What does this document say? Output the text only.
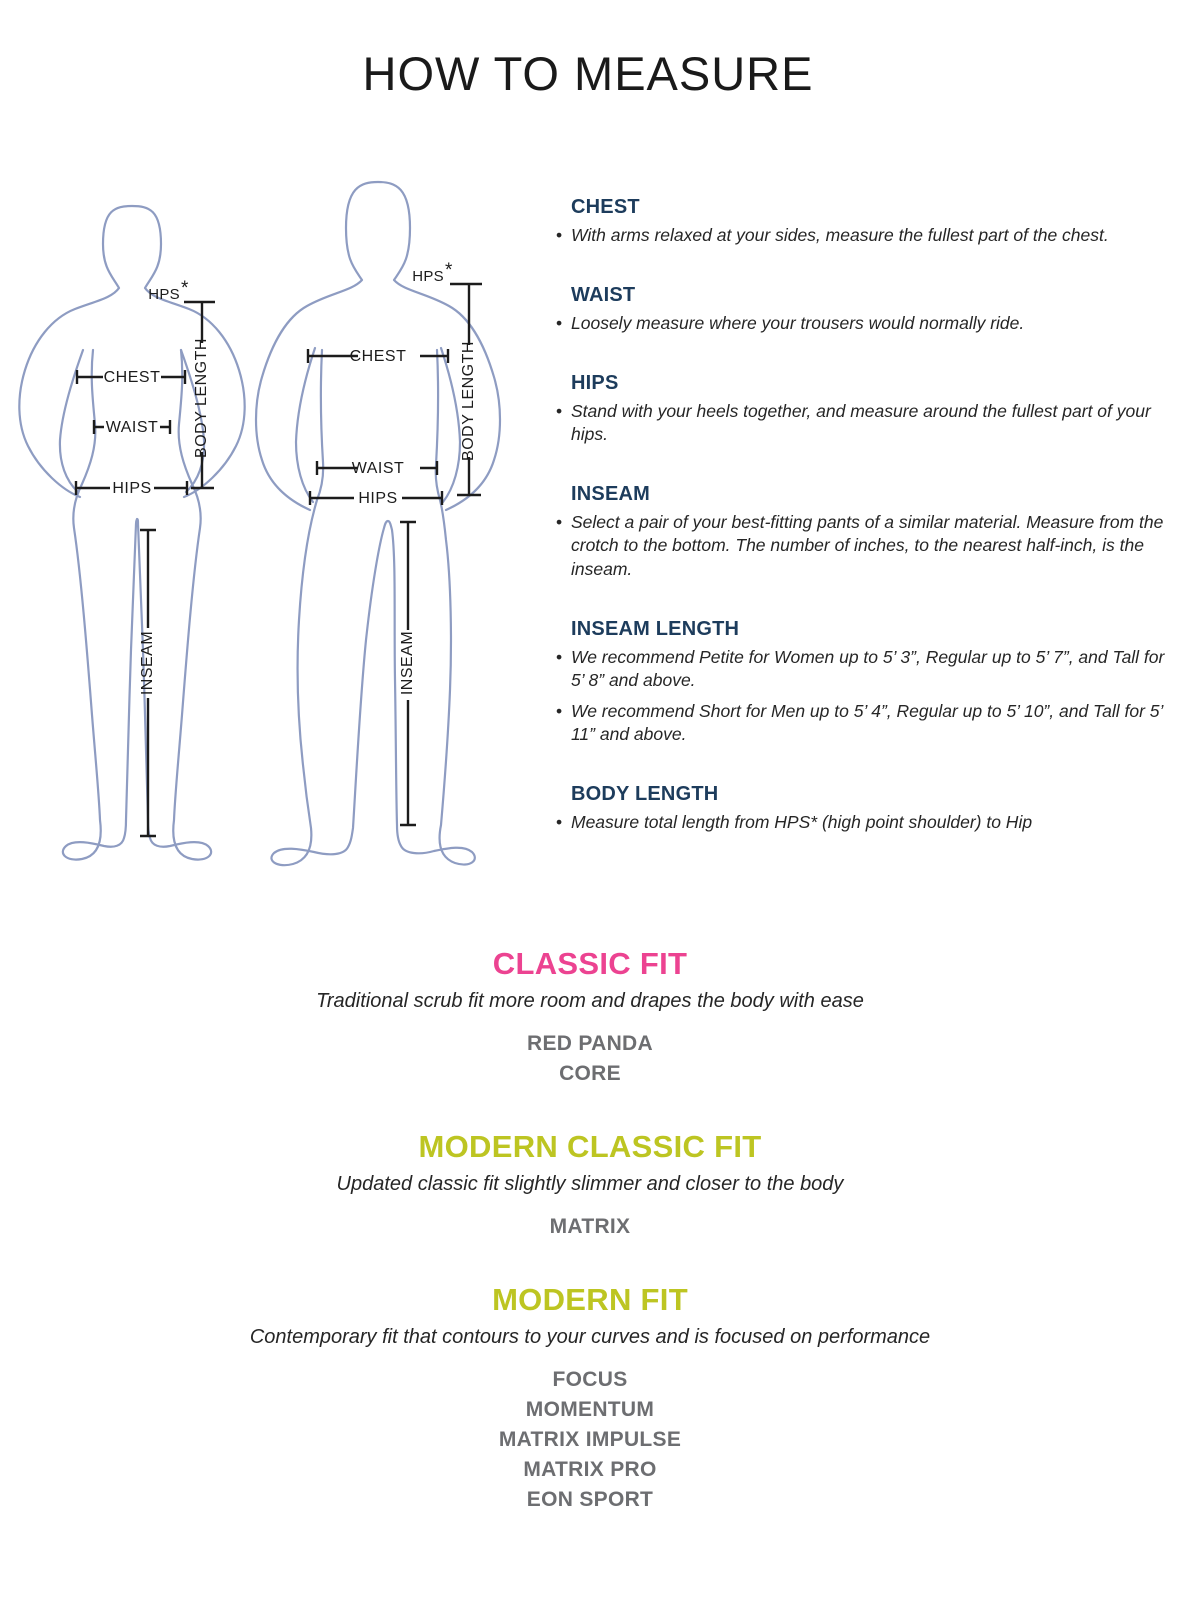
HOW TO MEASURE
HPS *
BODY LENGTH
CHEST
WAIST
HIPS
INSEAM
HPS *
BODY LENGTH
CHEST
WAIST
HIPS
INSEAM
CHEST
• With arms relaxed at your sides, measure the fullest part of the chest.
WAIST
• Loosely measure where your trousers would normally ride.
HIPS
• Stand with your heels together, and measure around the fullest part of your hips.
INSEAM
• Select a pair of your best-fitting pants of a similar material. Measure from the crotch to the bottom. The number of inches, to the nearest half-inch, is the inseam.
INSEAM LENGTH
• We recommend Petite for Women up to 5’ 3”, Regular up to 5’ 7”, and Tall for 5’ 8” and above.
• We recommend Short for Men up to 5’ 4”, Regular up to 5’ 10”, and Tall for 5’ 11” and above.
BODY LENGTH
• Measure total length from HPS* (high point shoulder) to Hip
CLASSIC FIT

Traditional scrub fit more room and drapes the body with ease

RED PANDA
CORE
MODERN CLASSIC FIT

Updated classic fit slightly slimmer and closer to the body

MATRIX
MODERN FIT

Contemporary fit that contours to your curves and is focused on performance

FOCUS
MOMENTUM
MATRIX IMPULSE
MATRIX PRO
EON SPORT
